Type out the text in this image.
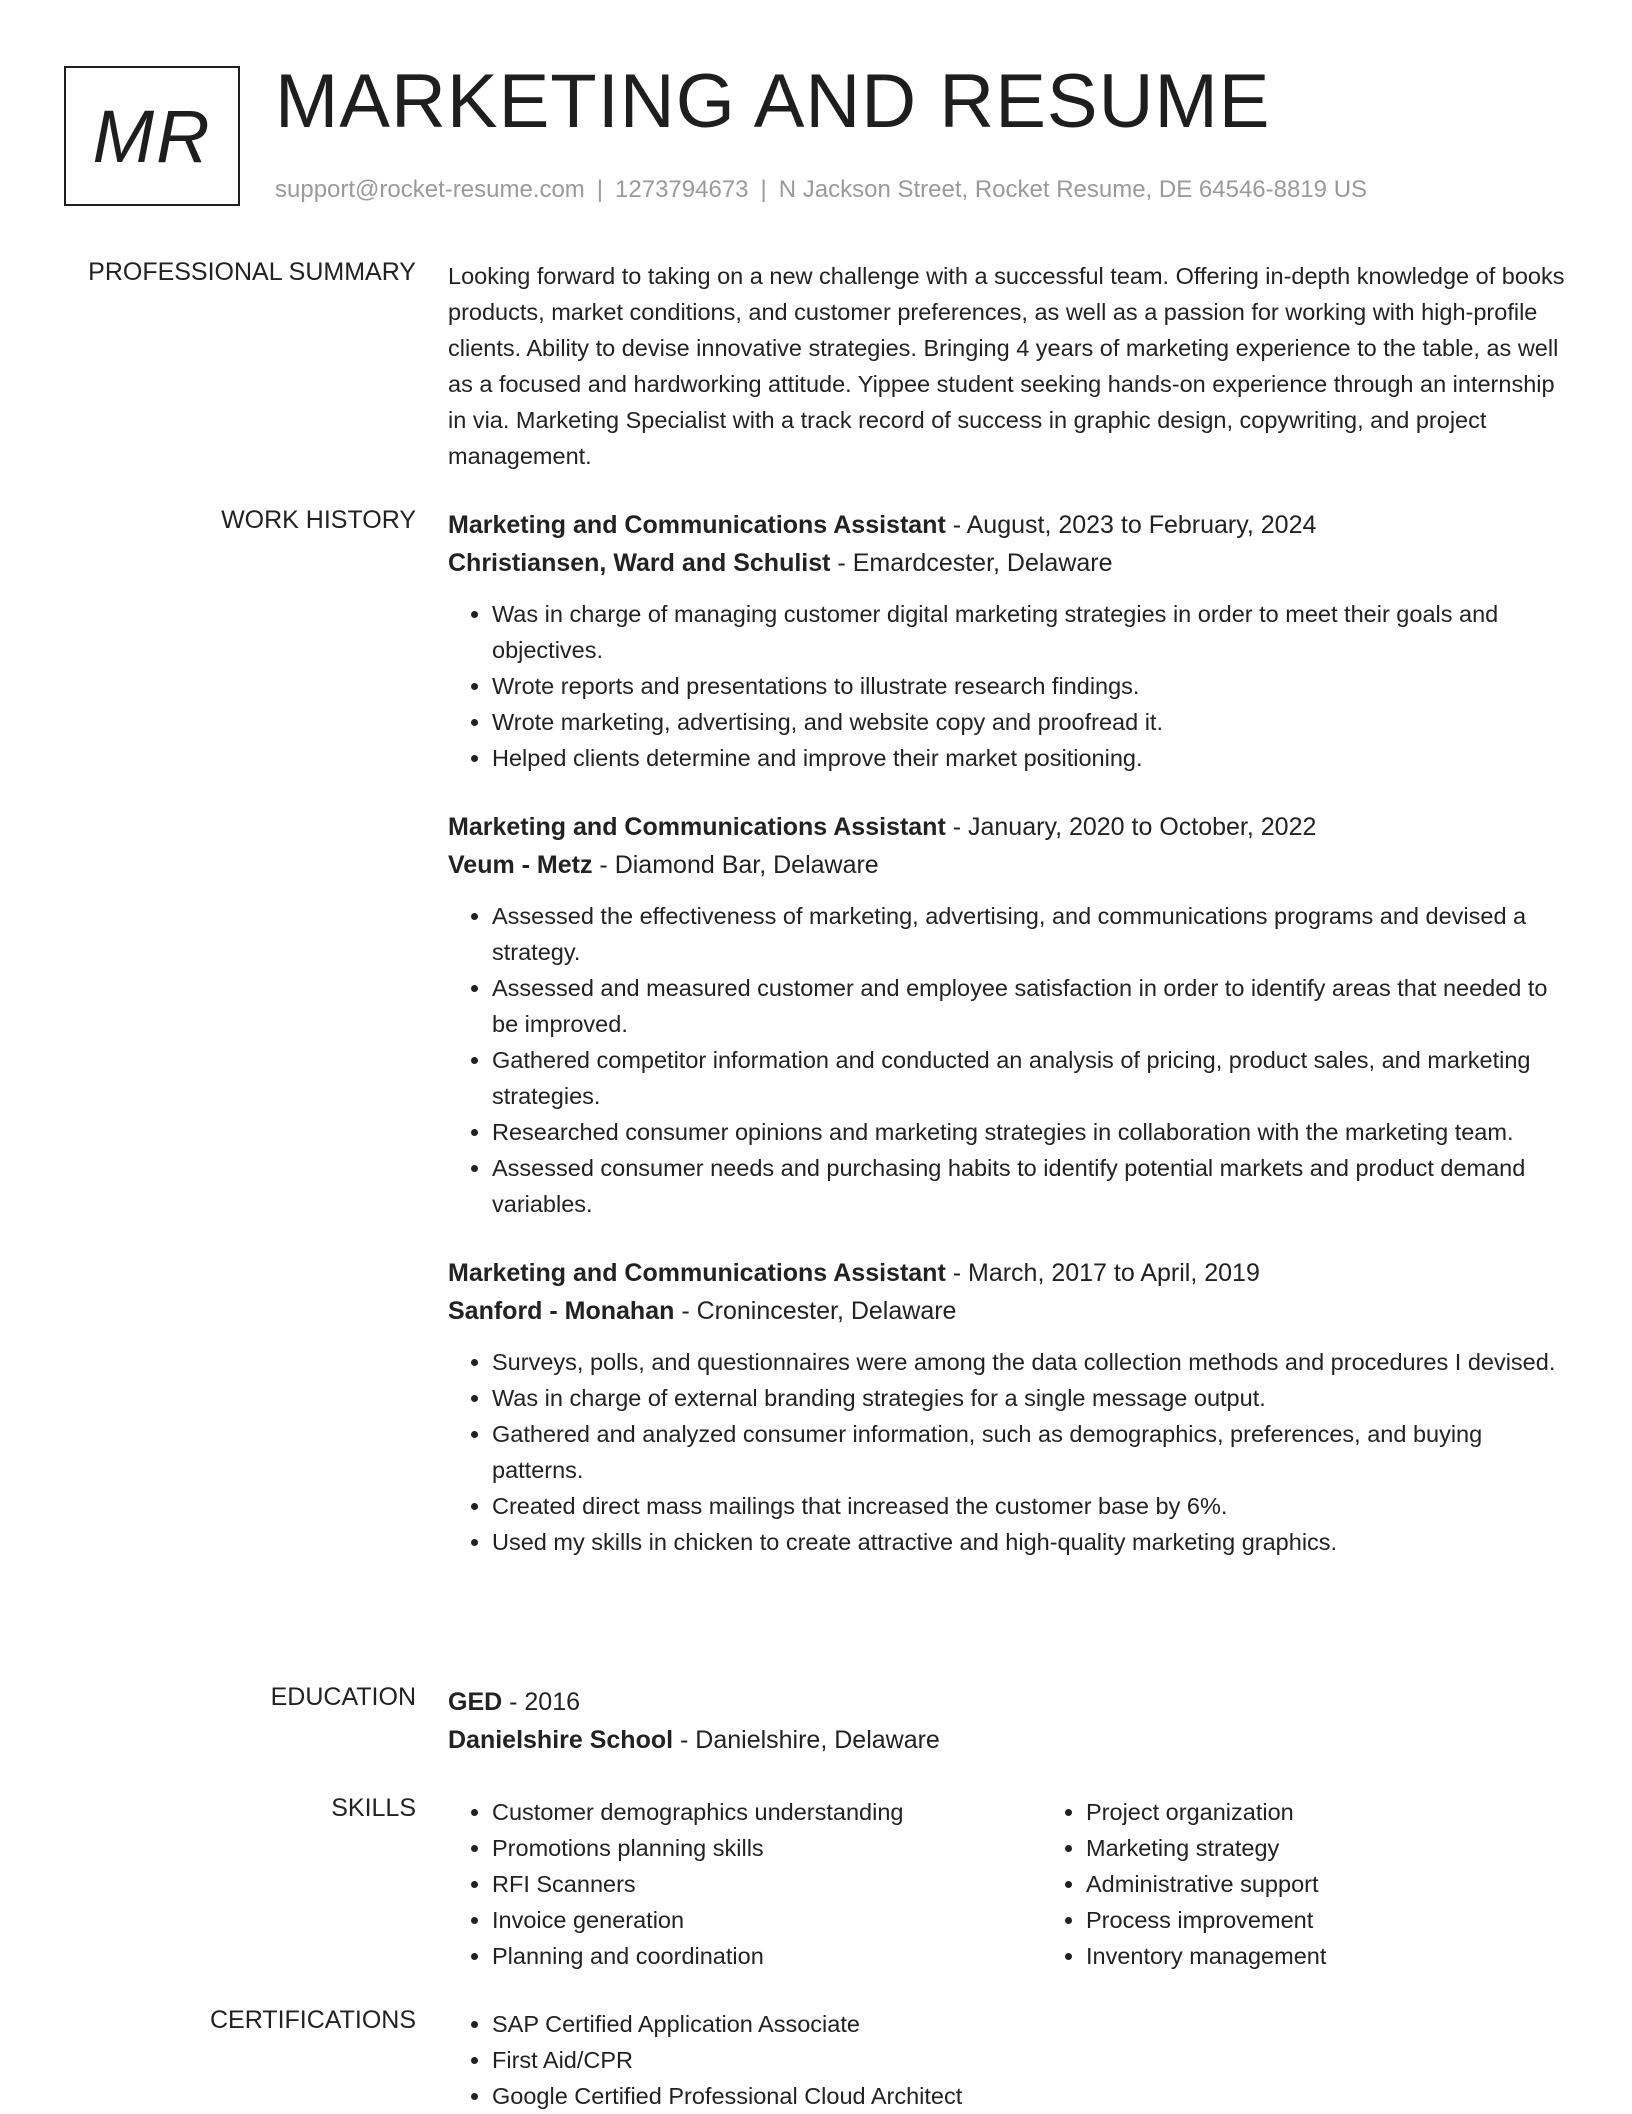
MR MARKETING AND RESUME
support@rocket-resume.com | 1273794673 | N Jackson Street, Rocket Resume, DE 64546-8819 US
PROFESSIONAL SUMMARY Looking forward to taking on a new challenge with a successful team. Offering in-depth knowledge of books products, market conditions, and customer preferences, as well as a passion for working with high-profile clients. Ability to devise innovative strategies. Bringing 4 years of marketing experience to the table, as well as a focused and hardworking attitude. Yippee student seeking hands-on experience through an internship in via. Marketing Specialist with a track record of success in graphic design, copywriting, and project management.

WORK HISTORY Marketing and Communications Assistant - August, 2023 to February, 2024
Christiansen, Ward and Schulist - Emardcester, Delaware
• Was in charge of managing customer digital marketing strategies in order to meet their goals and objectives.
• Wrote reports and presentations to illustrate research findings.
• Wrote marketing, advertising, and website copy and proofread it.
• Helped clients determine and improve their market positioning.
Marketing and Communications Assistant - January, 2020 to October, 2022
Veum - Metz - Diamond Bar, Delaware
• Assessed the effectiveness of marketing, advertising, and communications programs and devised a strategy.
• Assessed and measured customer and employee satisfaction in order to identify areas that needed to be improved.
• Gathered competitor information and conducted an analysis of pricing, product sales, and marketing strategies.
• Researched consumer opinions and marketing strategies in collaboration with the marketing team.
• Assessed consumer needs and purchasing habits to identify potential markets and product demand variables.
Marketing and Communications Assistant - March, 2017 to April, 2019
Sanford - Monahan - Cronincester, Delaware
• Surveys, polls, and questionnaires were among the data collection methods and procedures I devised.
• Was in charge of external branding strategies for a single message output.
• Gathered and analyzed consumer information, such as demographics, preferences, and buying patterns.
• Created direct mass mailings that increased the customer base by 6%.
• Used my skills in chicken to create attractive and high-quality marketing graphics.
EDUCATION GED - 2016
Danielshire School - Danielshire, Delaware
SKILLS	• Customer demographics understanding
• Promotions planning skills
• RFI Scanners
• Invoice generation
• Planning and coordination
• Project organization
• Marketing strategy
• Administrative support
• Process improvement
• Inventory management
CERTIFICATIONS	• SAP Certified Application Associate
• First Aid/CPR
• Google Certified Professional Cloud Architect
